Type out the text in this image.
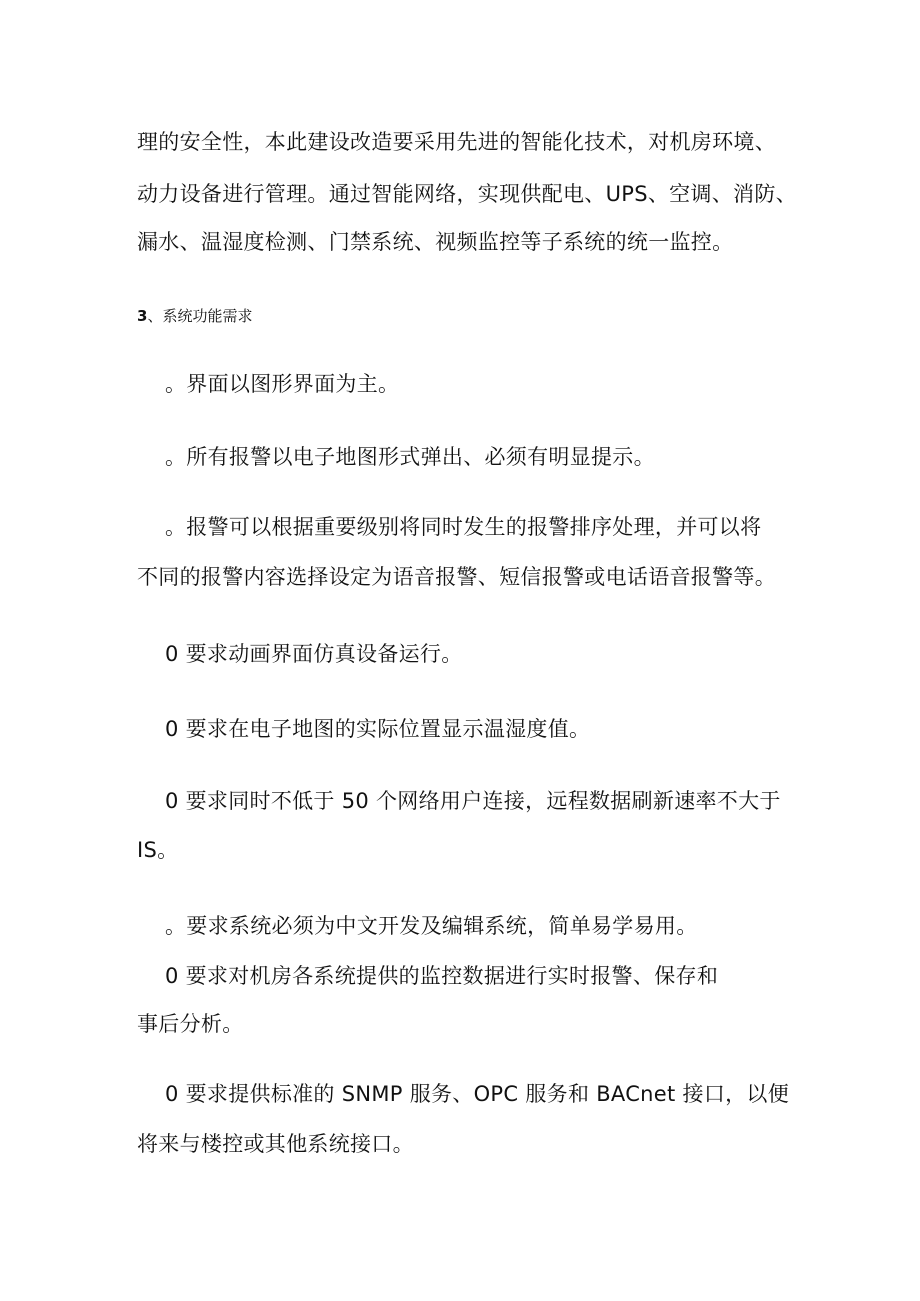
理的安全性，本此建设改造要采用先进的智能化技术，对机房环境、
动力设备进行管理。通过智能网络，实现供配电、UPS、空调、消防、
漏水、温湿度检测、门禁系统、视频监控等子系统的统一监控。
3、系统功能需求
。界面以图形界面为主。
。所有报警以电子地图形式弹出、必须有明显提示。
。报警可以根据重要级别将同时发生的报警排序处理，并可以将
不同的报警内容选择设定为语音报警、短信报警或电话语音报警等。
0 要求动画界面仿真设备运行。
0 要求在电子地图的实际位置显示温湿度值。
0 要求同时不低于 50 个网络用户连接，远程数据刷新速率不大于
IS。
。要求系统必须为中文开发及编辑系统，简单易学易用。
0 要求对机房各系统提供的监控数据进行实时报警、保存和
事后分析。
0 要求提供标准的 SNMP 服务、OPC 服务和 BACnet 接口，以便
将来与楼控或其他系统接口。
